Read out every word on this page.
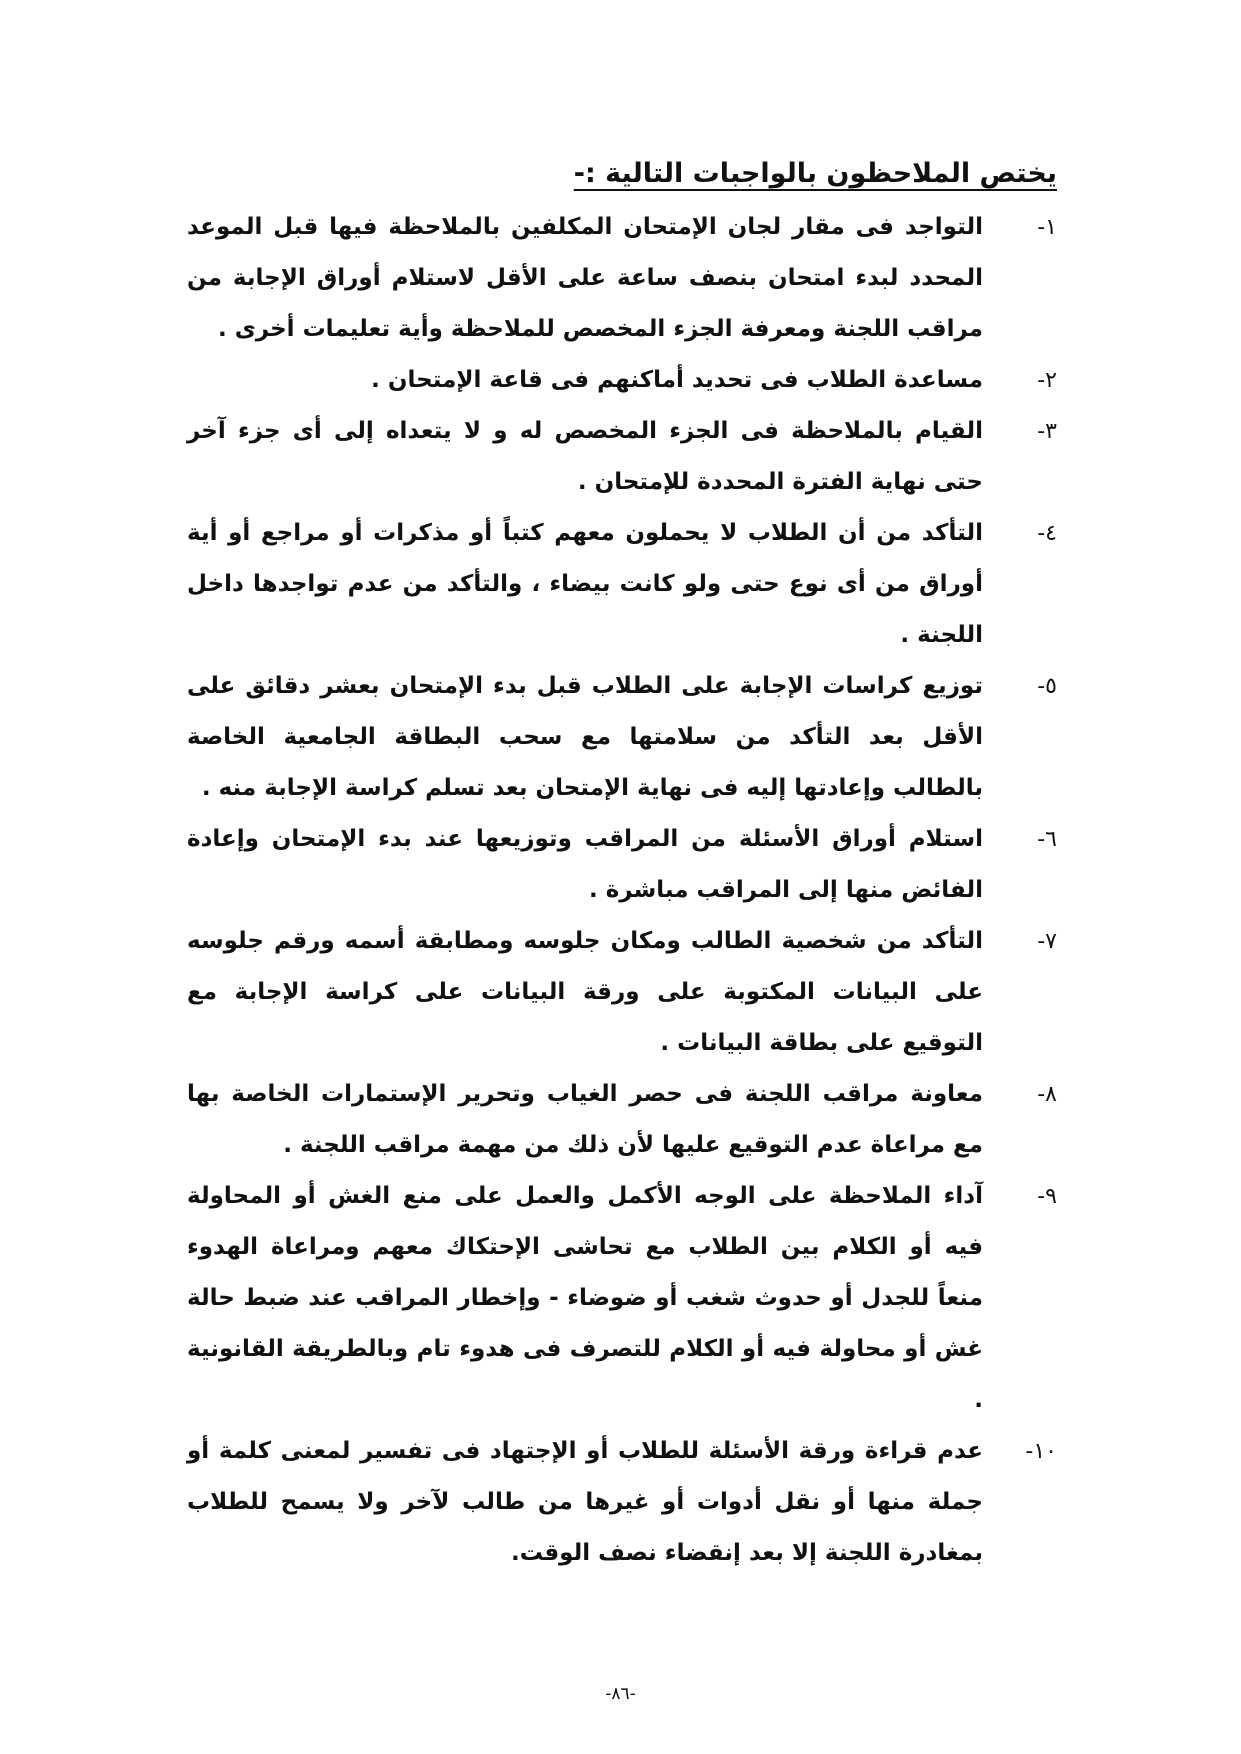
يختص الملاحظون بالواجبات التالية :-

١-
التواجد فى مقار لجان الإمتحان المكلفين بالملاحظة فيها قبل الموعد المحدد لبدء امتحان بنصف ساعة على الأقل لاستلام أوراق الإجابة من مراقب اللجنة ومعرفة الجزء المخصص للملاحظة وأية تعليمات أخرى .

٢-
مساعدة الطلاب فى تحديد أماكنهم فى قاعة الإمتحان .

٣-
القيام بالملاحظة فى الجزء المخصص له و لا يتعداه إلى أى جزء آخر حتى نهاية الفترة المحددة للإمتحان .

٤-
التأكد من أن الطلاب لا يحملون معهم كتباً أو مذكرات أو مراجع أو أية أوراق من أى نوع حتى ولو كانت بيضاء ، والتأكد من عدم تواجدها داخل اللجنة .

٥-
توزيع كراسات الإجابة على الطلاب قبل بدء الإمتحان بعشر دقائق على الأقل بعد التأكد من سلامتها مع سحب البطاقة الجامعية الخاصة بالطالب وإعادتها إليه فى نهاية الإمتحان بعد تسلم كراسة الإجابة منه .

٦-
استلام أوراق الأسئلة من المراقب وتوزيعها عند بدء الإمتحان وإعادة الفائض منها إلى المراقب مباشرة .

٧-
التأكد من شخصية الطالب ومكان جلوسه ومطابقة أسمه ورقم جلوسه على البيانات المكتوبة على ورقة البيانات على كراسة الإجابة مع التوقيع على بطاقة البيانات .

٨-
معاونة مراقب اللجنة فى حصر الغياب وتحرير الإستمارات الخاصة بها مع مراعاة عدم التوقيع عليها لأن ذلك من مهمة مراقب اللجنة .

٩-
آداء الملاحظة على الوجه الأكمل والعمل على منع الغش أو المحاولة فيه أو الكلام بين الطلاب مع تحاشى الإحتكاك معهم ومراعاة الهدوء منعاً للجدل أو حدوث شغب أو ضوضاء - وإخطار المراقب عند ضبط حالة غش أو محاولة فيه أو الكلام للتصرف فى هدوء تام وبالطريقة القانونية .

١٠-
عدم قراءة ورقة الأسئلة للطلاب أو الإجتهاد فى تفسير لمعنى كلمة أو جملة منها أو نقل أدوات أو غيرها من طالب لآخر ولا يسمح للطلاب بمغادرة اللجنة إلا بعد إنقضاء نصف الوقت.

-٨٦-
